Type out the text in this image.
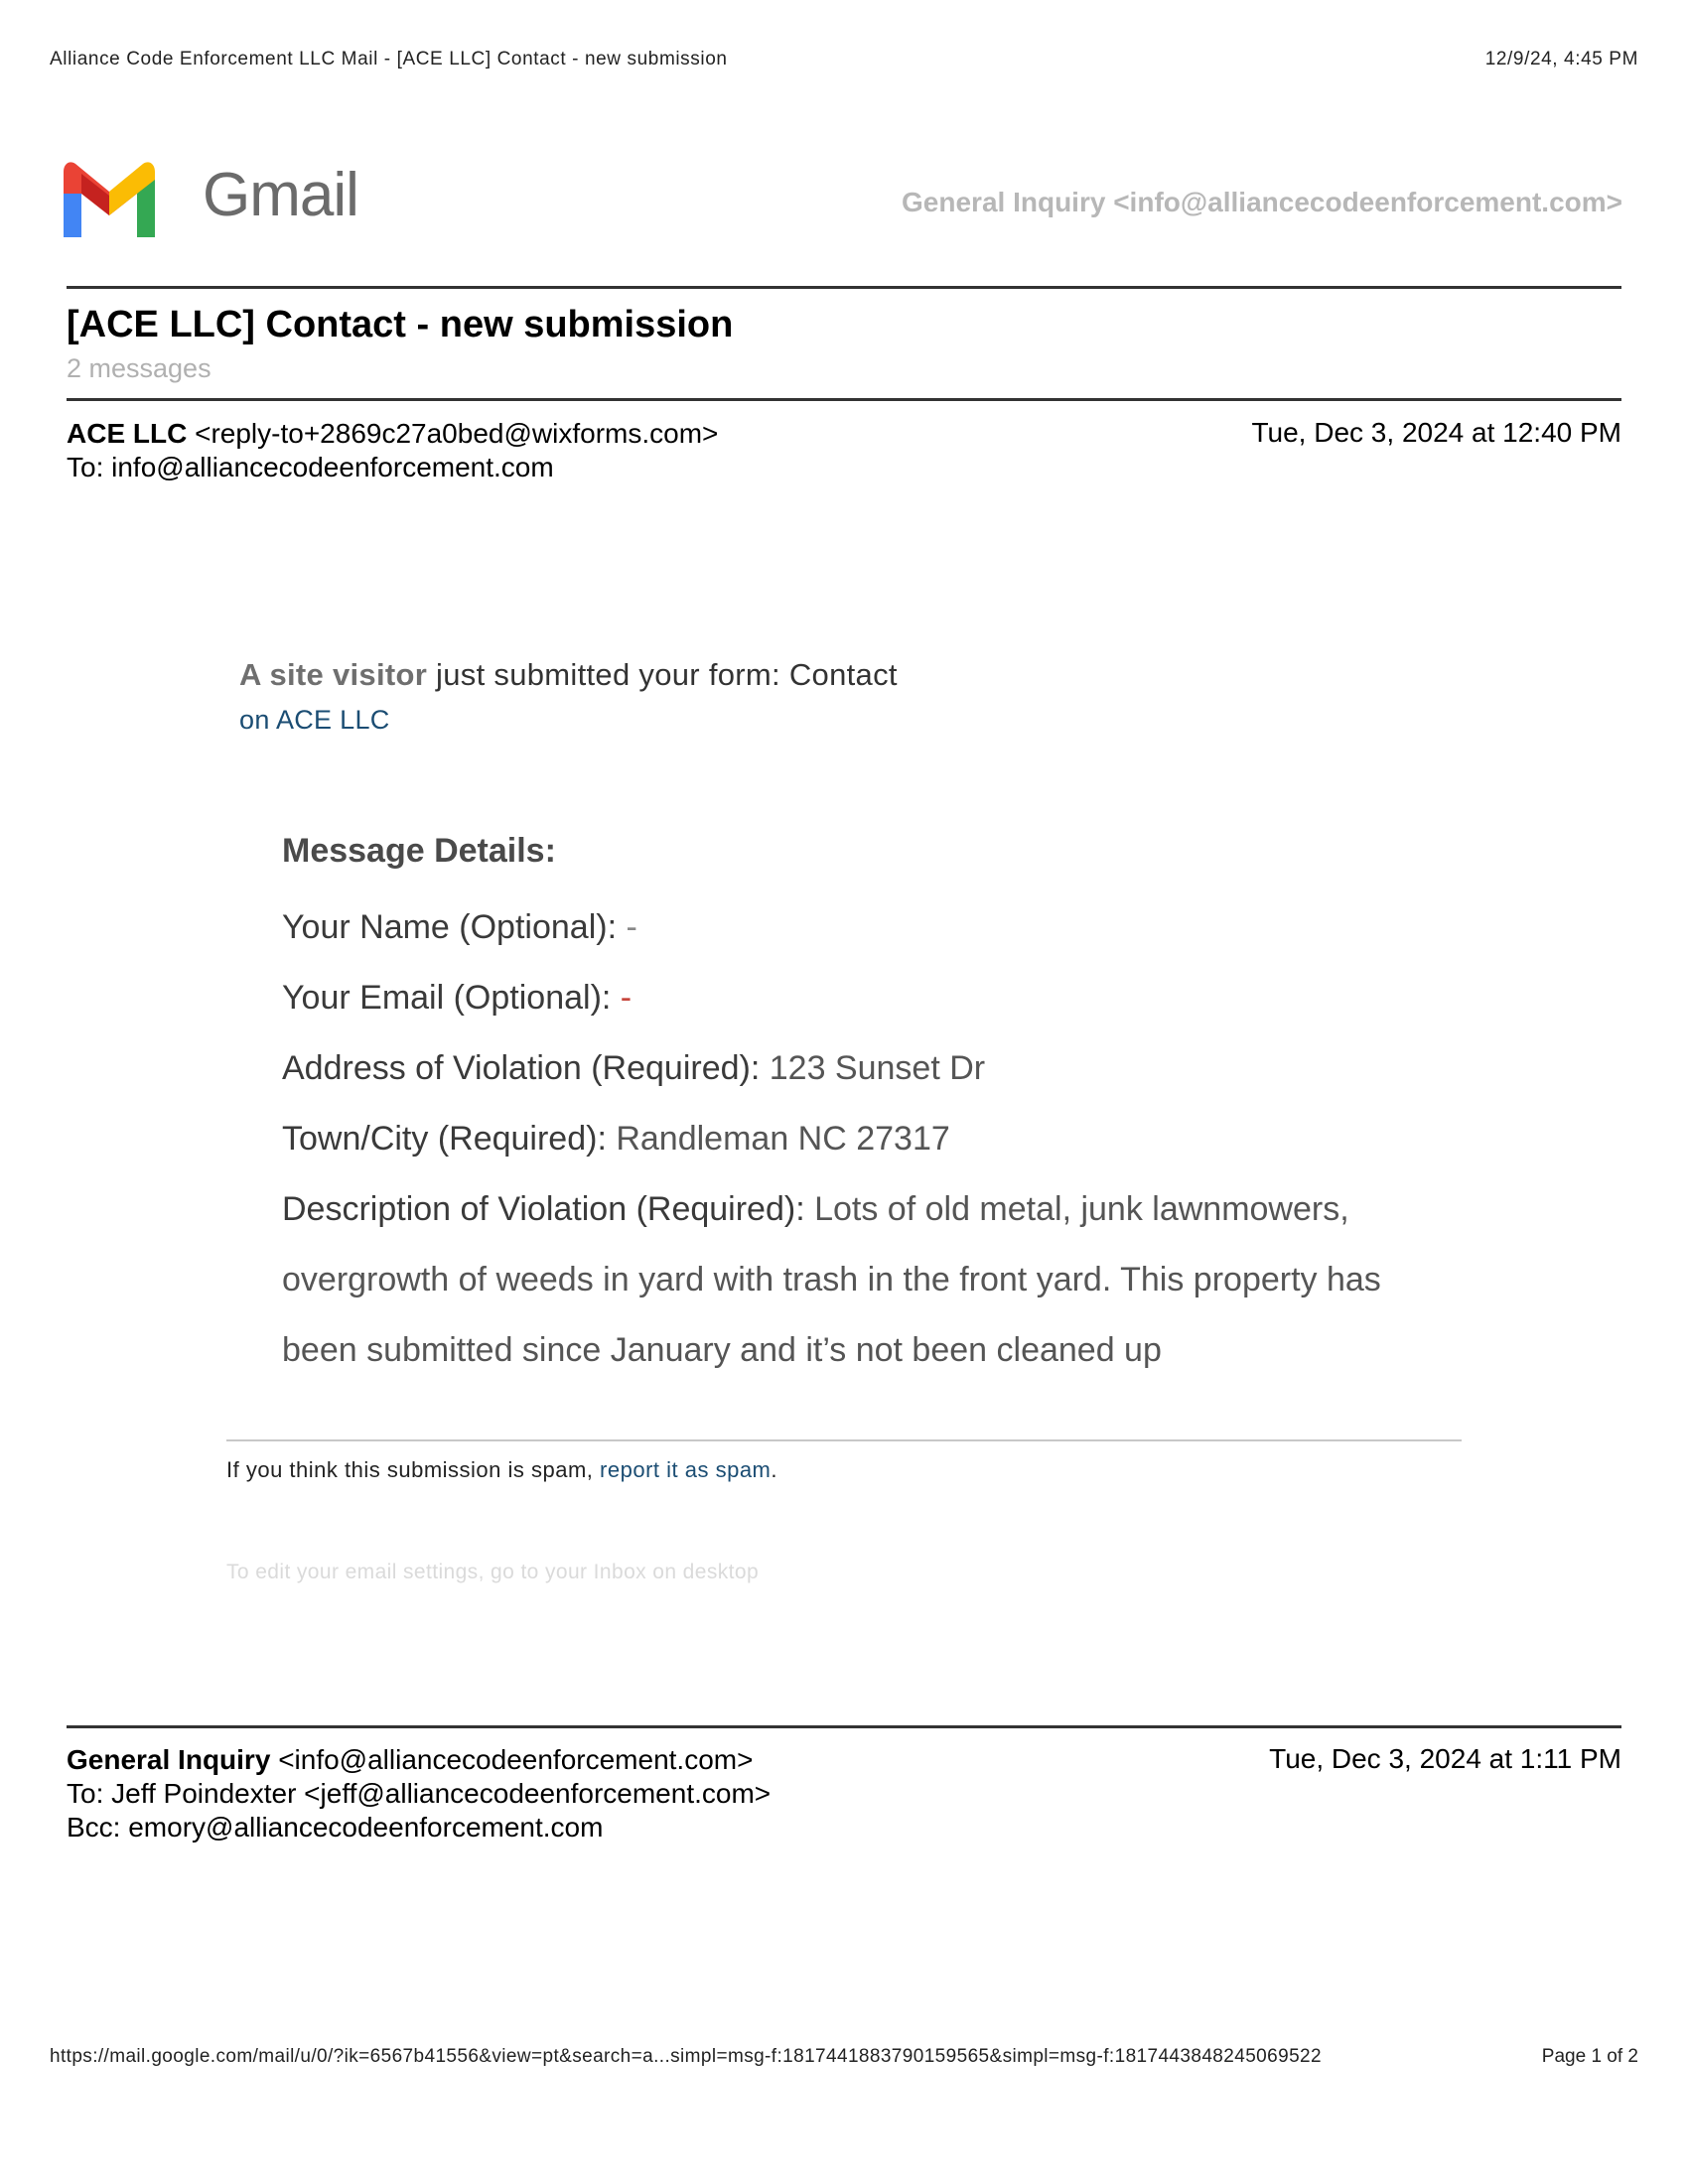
Alliance Code Enforcement LLC Mail - [ACE LLC] Contact - new submission	12/9/24, 4:45 PM
Gmail	General Inquiry <info@alliancecodeenforcement.com>
[ACE LLC] Contact - new submission
2 messages
ACE LLC <reply-to+2869c27a0bed@wixforms.com>
To: info@alliancecodeenforcement.com
Tue, Dec 3, 2024 at 12:40 PM
A site visitor just submitted your form: Contact
on ACE LLC
Message Details:
Your Name (Optional): -
Your Email (Optional): -
Address of Violation (Required): 123 Sunset Dr
Town/City (Required): Randleman NC 27317
Description of Violation (Required): Lots of old metal, junk lawnmowers, overgrowth of weeds in yard with trash in the front yard. This property has been submitted since January and it’s not been cleaned up
If you think this submission is spam, report it as spam.
To edit your email settings, go to your Inbox on desktop
General Inquiry <info@alliancecodeenforcement.com>
To: Jeff Poindexter <jeff@alliancecodeenforcement.com>
Bcc: emory@alliancecodeenforcement.com
Tue, Dec 3, 2024 at 1:11 PM
https://mail.google.com/mail/u/0/?ik=6567b41556&view=pt&search=a...simpl=msg-f:1817441883790159565&simpl=msg-f:1817443848245069522	Page 1 of 2
